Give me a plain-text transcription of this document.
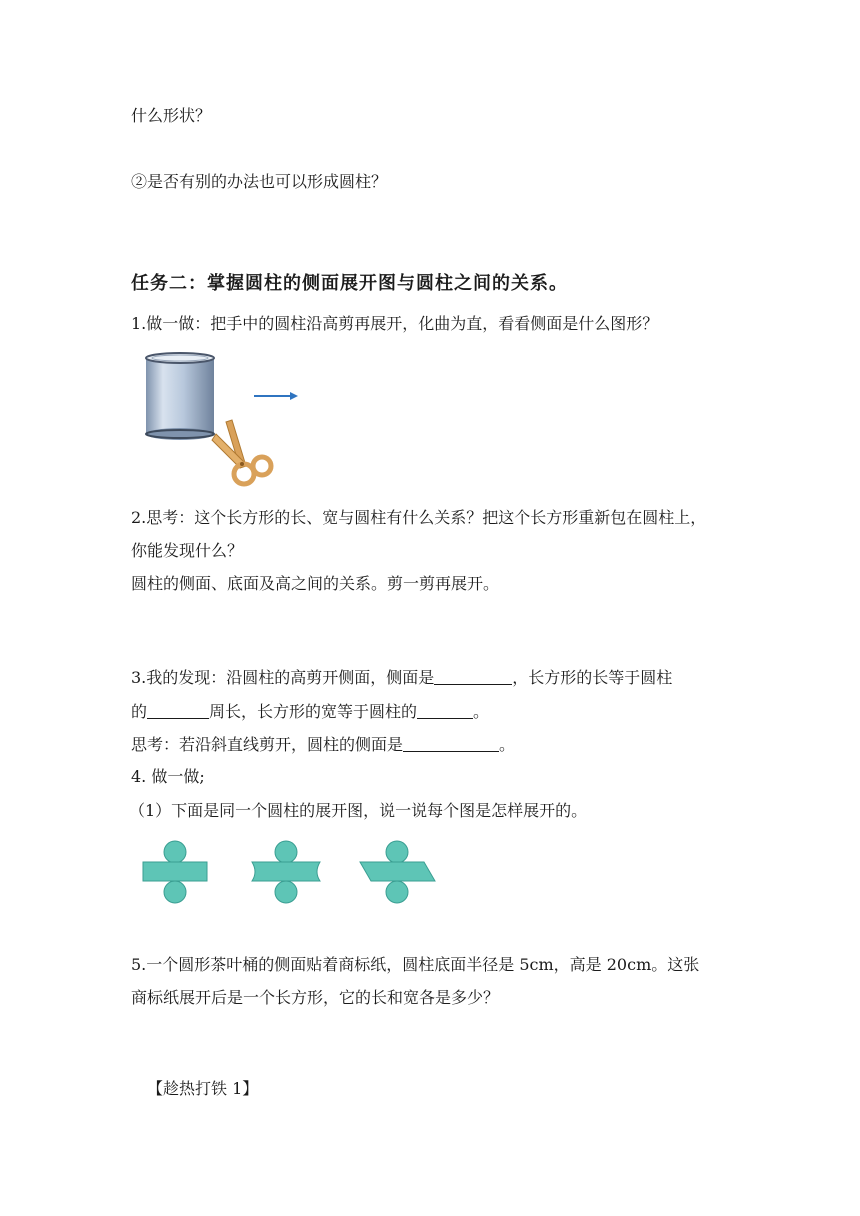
什么形状？
②是否有别的办法也可以形成圆柱？
任务二：掌握圆柱的侧面展开图与圆柱之间的关系。
1.做一做：把手中的圆柱沿高剪再展开，化曲为直，看看侧面是什么图形？
2.思考：这个长方形的长、宽与圆柱有什么关系？把这个长方形重新包在圆柱上，
你能发现什么？
圆柱的侧面、底面及高之间的关系。剪一剪再展开。
3.我的发现：沿圆柱的高剪开侧面，侧面是	，长方形的长等于圆柱
的	周长，长方形的宽等于圆柱的	。
思考：若沿斜直线剪开，圆柱的侧面是	。
4. 做一做;
（1）下面是同一个圆柱的展开图，说一说每个图是怎样展开的。
5.一个圆形茶叶桶的侧面贴着商标纸，圆柱底面半径是 5cm，高是 20cm。这张
商标纸展开后是一个长方形，它的长和宽各是多少？
【趁热打铁 1】
